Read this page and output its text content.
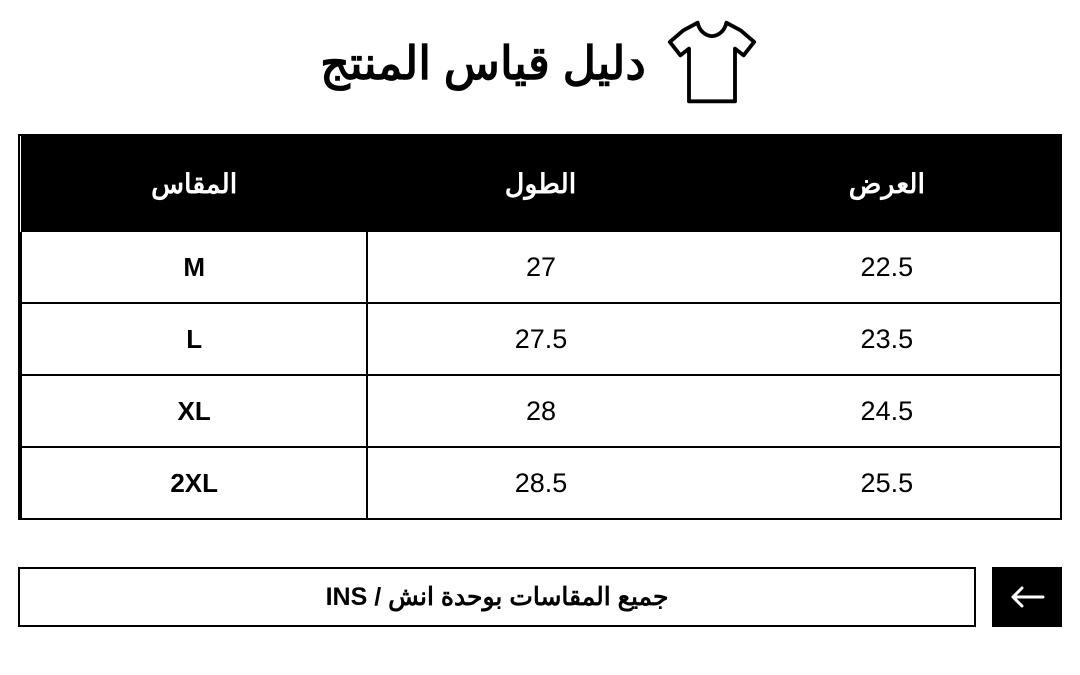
دليل قياس المنتج
العرض	الطول	المقاس
22.5	27	M
23.5	27.5	L
24.5	28	XL
25.5	28.5	2XL
جميع المقاسات بوحدة انش / INS
